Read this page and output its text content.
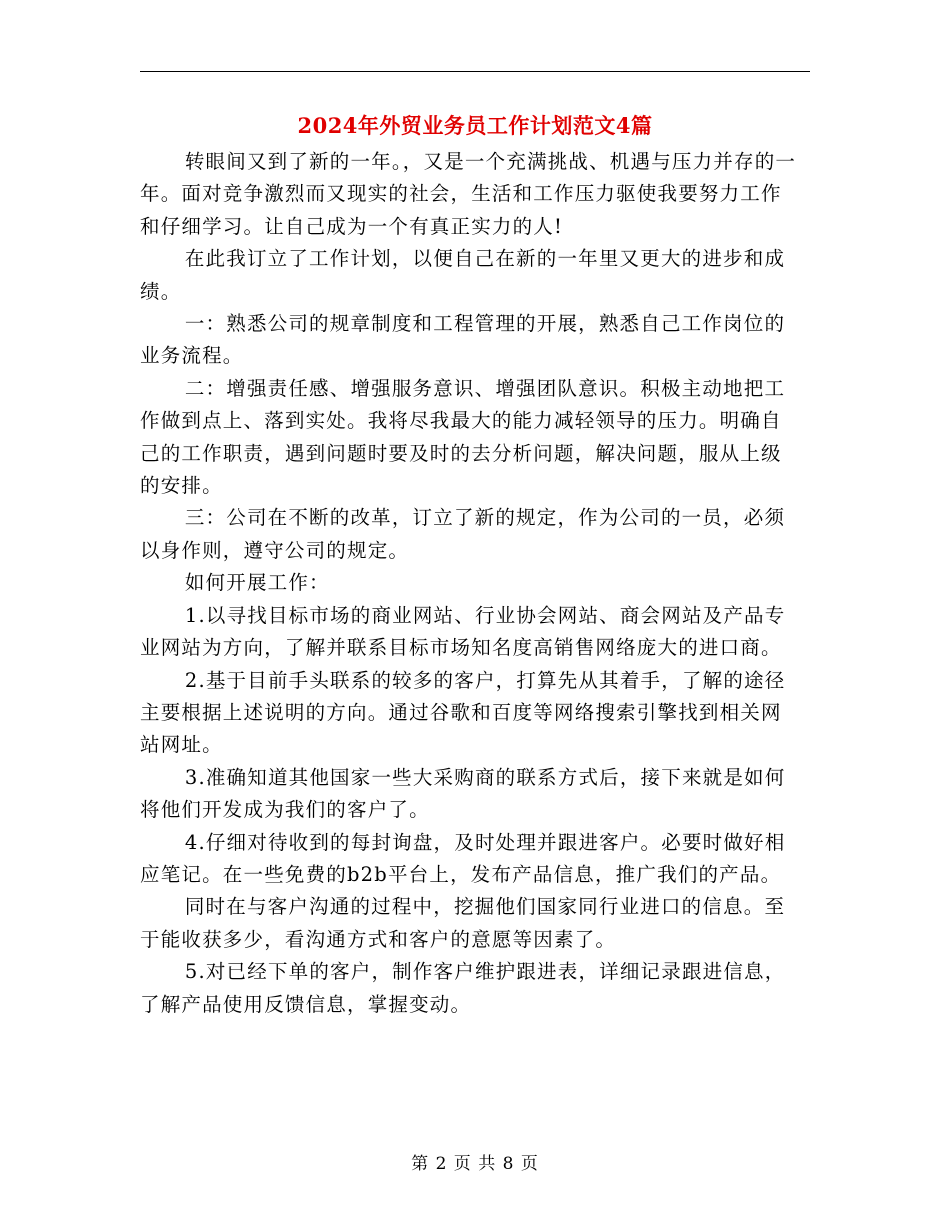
2024年外贸业务员工作计划范文4篇

转眼间又到了新的一年。，又是一个充满挑战、机遇与压力并存的一年。面对竞争激烈而又现实的社会，生活和工作压力驱使我要努力工作和仔细学习。让自己成为一个有真正实力的人!

在此我订立了工作计划，以便自己在新的一年里又更大的进步和成绩。

一：熟悉公司的规章制度和工程管理的开展，熟悉自己工作岗位的业务流程。

二：增强责任感、增强服务意识、增强团队意识。积极主动地把工作做到点上、落到实处。我将尽我最大的能力减轻领导的压力。明确自己的工作职责，遇到问题时要及时的去分析问题，解决问题，服从上级的安排。

三：公司在不断的改革，订立了新的规定，作为公司的一员，必须以身作则，遵守公司的规定。

如何开展工作：

1.以寻找目标市场的商业网站、行业协会网站、商会网站及产品专业网站为方向，了解并联系目标市场知名度高销售网络庞大的进口商。

2.基于目前手头联系的较多的客户，打算先从其着手，了解的途径主要根据上述说明的方向。通过谷歌和百度等网络搜索引擎找到相关网站网址。

3.准确知道其他国家一些大采购商的联系方式后，接下来就是如何将他们开发成为我们的客户了。

4.仔细对待收到的每封询盘，及时处理并跟进客户。必要时做好相应笔记。在一些免费的b2b平台上，发布产品信息，推广我们的产品。

同时在与客户沟通的过程中，挖掘他们国家同行业进口的信息。至于能收获多少，看沟通方式和客户的意愿等因素了。

5.对已经下单的客户，制作客户维护跟进表，详细记录跟进信息，了解产品使用反馈信息，掌握变动。

第 2 页 共 8 页
